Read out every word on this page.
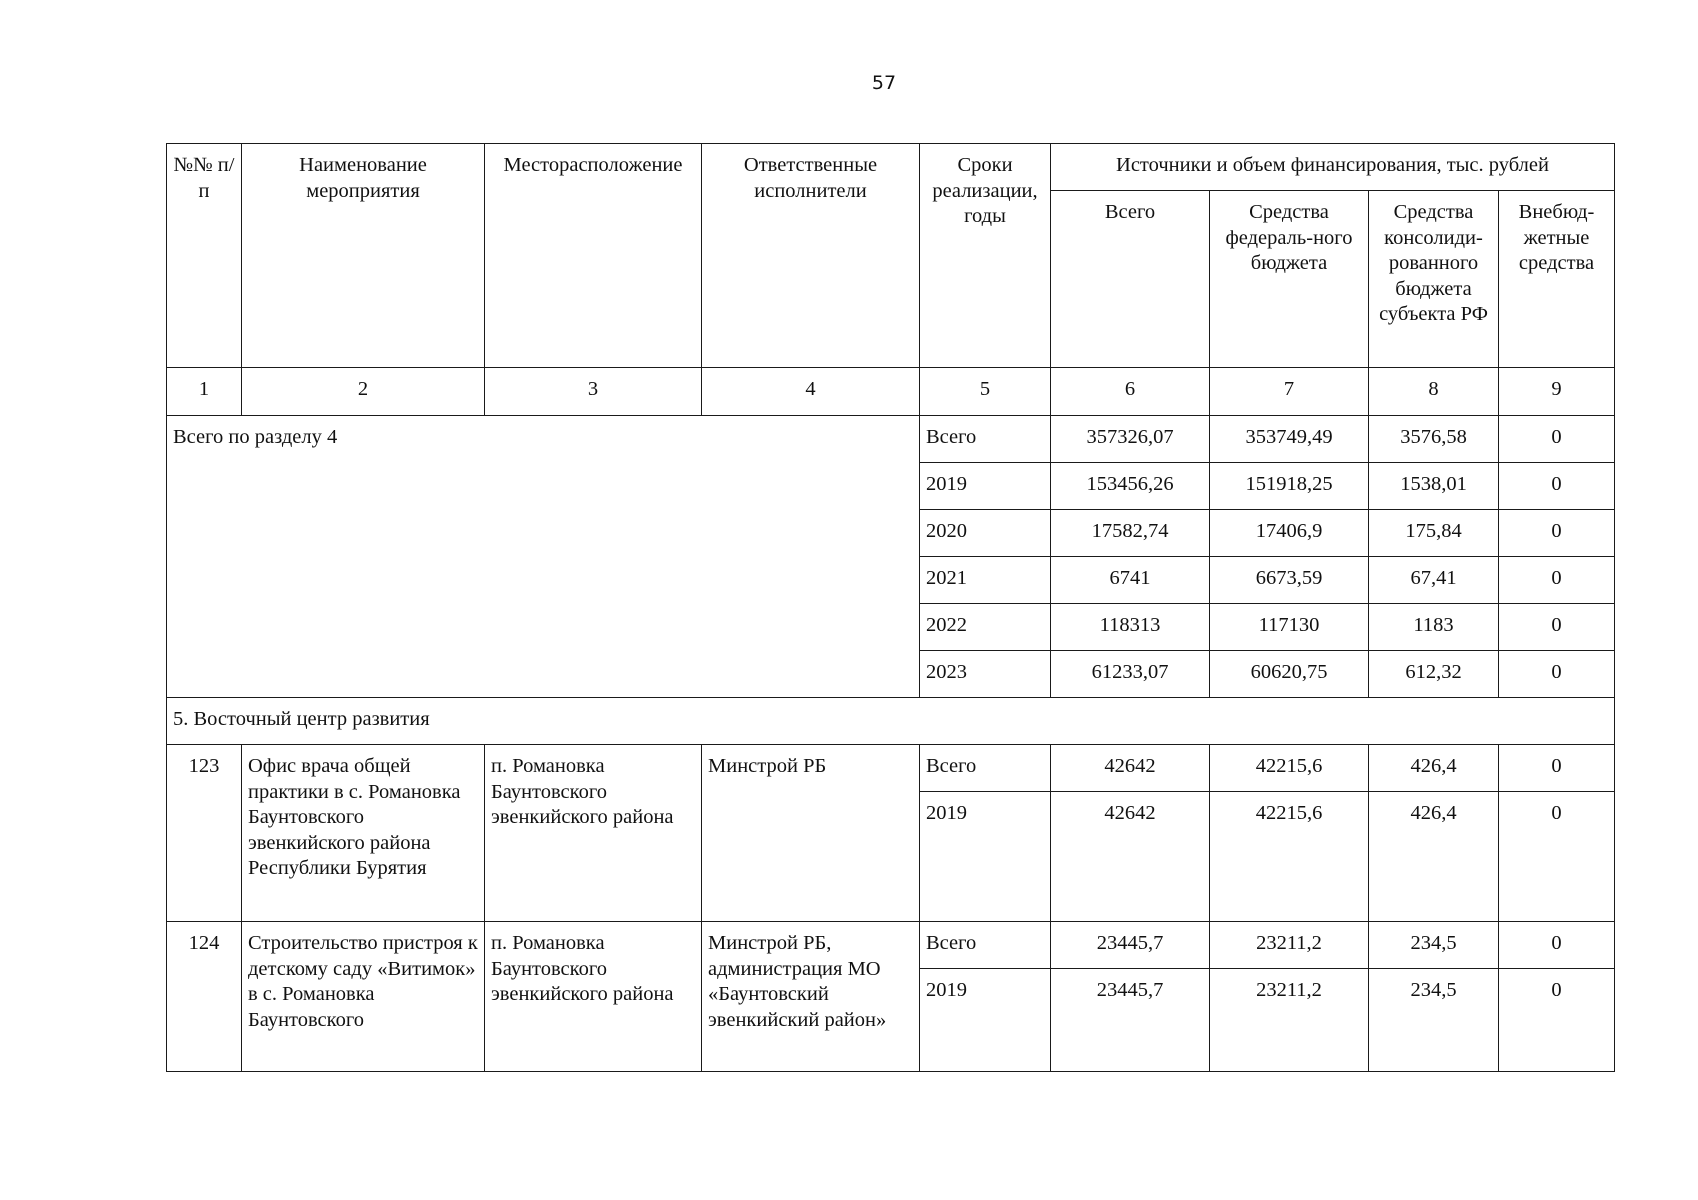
57
№№ п/п	Наименование мероприятия	Месторасположение	Ответственные исполнители	Сроки реализации, годы	Источники и объем финансирования, тыс. рублей			
					Всего	Средства федераль-ного бюджета	Средства консолиди-рованного бюджета субъекта РФ	Внебюд-жетные средства
1	2	3	4	5	6	7	8	9
Всего по разделу 4				Всего	357326,07	353749,49	3576,58	0
				2019	153456,26	151918,25	1538,01	0
				2020	17582,74	17406,9	175,84	0
				2021	6741	6673,59	67,41	0
				2022	118313	117130	1183	0
				2023	61233,07	60620,75	612,32	0
5. Восточный центр развития								
123	Офис врача общей практики в с. Романовка Баунтовского эвенкийского района Республики Бурятия	п. Романовка Баунтовского эвенкийского района	Минстрой РБ	Всего	42642	42215,6	426,4	0
				2019	42642	42215,6	426,4	0
124	Строительство пристроя к детскому саду «Витимок» в с. Романовка Баунтовского	п. Романовка Баунтовского эвенкийского района	Минстрой РБ, администрация МО «Баунтовский эвенкийский район»	Всего	23445,7	23211,2	234,5	0
				2019	23445,7	23211,2	234,5	0
